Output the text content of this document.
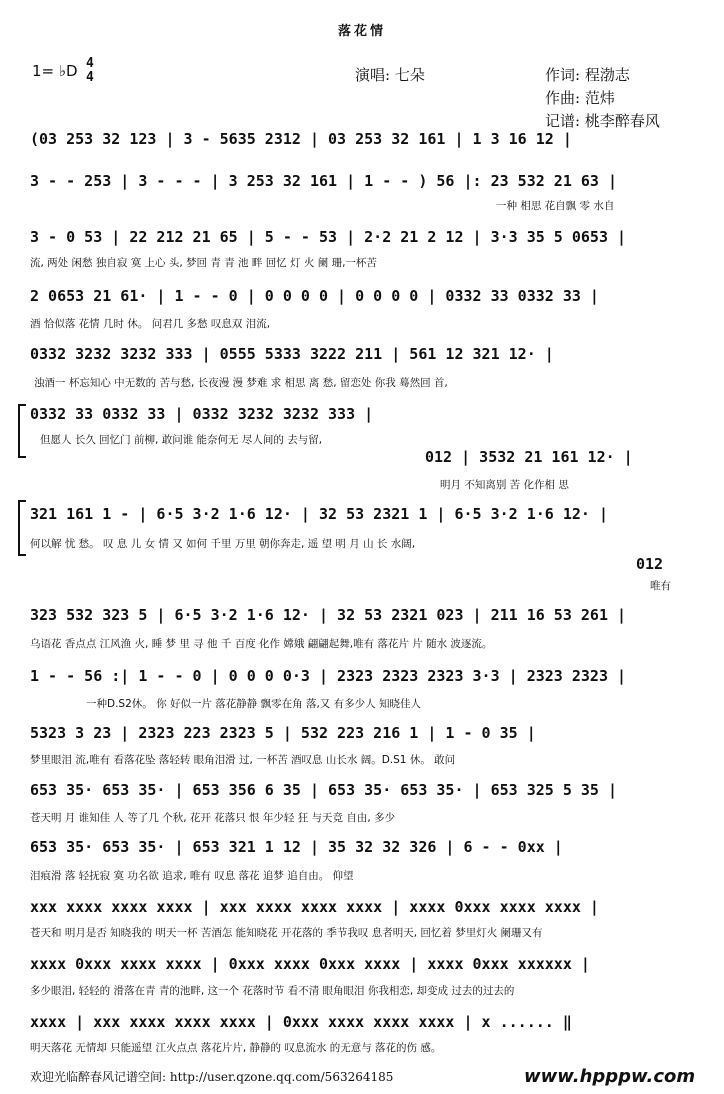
落花情
1= ♭D 4
4	演唱: 七朵	作词: 程渤志
作曲: 范炜
记谱: 桃李醉春风
(03 253 32 123 | 3 - 5635 2312 | 03 253 32 161 | 1 3 16 12 |
3 - - 253 | 3 - - - | 3 253 32 161 | 1 - - ) 56 |: 23 532 21 63 |
一种 相思 花自飘 零 水自
3 - 0 53 | 22 212 21 65 | 5 - - 53 | 2·2 21 2 12 | 3·3 35 5 0653 |
流, 两处 闲愁 独自寂 寞 上心 头, 梦回 青 青 池 畔 回忆 灯 火 阑 珊,一杯苦
2 0653 21 61· | 1 - - 0 | 0 0 0 0 | 0 0 0 0 | 0332 33 0332 33 |
酒 恰似落 花情 几时 休。 问君几 多愁 叹息双 泪流,
0332 3232 3232 333 | 0555 5333 3222 211 | 561 12 321 12· |
浊酒一 杯忘知心 中无数的 苦与愁, 长夜漫 漫 梦难 求 相思 离 愁, 留恋处 你我 蓦然回 首,
0332 33 0332 33 | 0332 3232 3232 333 |
但愿人 长久 回忆门 前柳, 敢问谁 能奈何无 尽人间的 去与留,
012 | 3532 21 161 12· |
明月 不知离别 苦 化作相 思
321 161 1 - | 6·5 3·2 1·6 12· | 32 53 2321 1 | 6·5 3·2 1·6 12· |
何以解 忧 愁。 叹 息 儿 女 情 又 如何 千里 万里 朝你奔走, 遥 望 明 月 山 长 水阔,
012
唯有
323 532 323 5 | 6·5 3·2 1·6 12· | 32 53 2321 023 | 211 16 53 261 |
乌语花 香点点 江风渔 火, 睡 梦 里 寻 他 千 百度 化作 嫦娥 翩翩起舞,唯有 落花片 片 随水 波逐流。
1 - - 56 :| 1 - - 0 | 0 0 0 0·3 | 2323 2323 2323 3·3 | 2323 2323 |
一种D.S2休。 你 好似一片 落花静静 飘零在角 落,又 有多少人 知晓佳人
5323 3 23 | 2323 223 2323 5 | 532 223 216 1 | 1 - 0 35 |
梦里眼泪 流,唯有 看落花坠 落轻转 眼角泪滑 过, 一杯苦 酒叹息 山长水 阔。D.S1 休。 敢问
653 35· 653 35· | 653 356 6 35 | 653 35· 653 35· | 653 325 5 35 |
苍天明 月 谁知佳 人 等了几 个秋, 花开 花落只 恨 年少轻 狂 与天竞 自由, 多少
653 35· 653 35· | 653 321 1 12 | 35 32 32 326 | 6 - - 0xx |
泪痕滑 落 轻抚寂 寞 功名欲 追求, 唯有 叹息 落花 追梦 追自由。 仰望
xxx xxxx xxxx xxxx | xxx xxxx xxxx xxxx | xxxx 0xxx xxxx xxxx |
苍天和 明月是否 知晓我的 明天一杯 苦酒怎 能知晓花 开花落的 季节我叹 息者明天, 回忆着 梦里灯火 阑珊又有
xxxx 0xxx xxxx xxxx | 0xxx xxxx 0xxx xxxx | xxxx 0xxx xxxxxx |
多少眼泪, 轻轻的 滑落在青 青的池畔, 这一个 花落时节 看不清 眼角眼泪 你我相恋, 却变成 过去的过去的
xxxx | xxx xxxx xxxx xxxx | 0xxx xxxx xxxx xxxx | x ...... ‖
明天落花 无情却 只能遥望 江火点点 落花片片, 静静的 叹息流水 的无意与 落花的伤 感。
欢迎光临醉春风记谱空间: http://user.qzone.qq.com/563264185	www.hpppw.com
